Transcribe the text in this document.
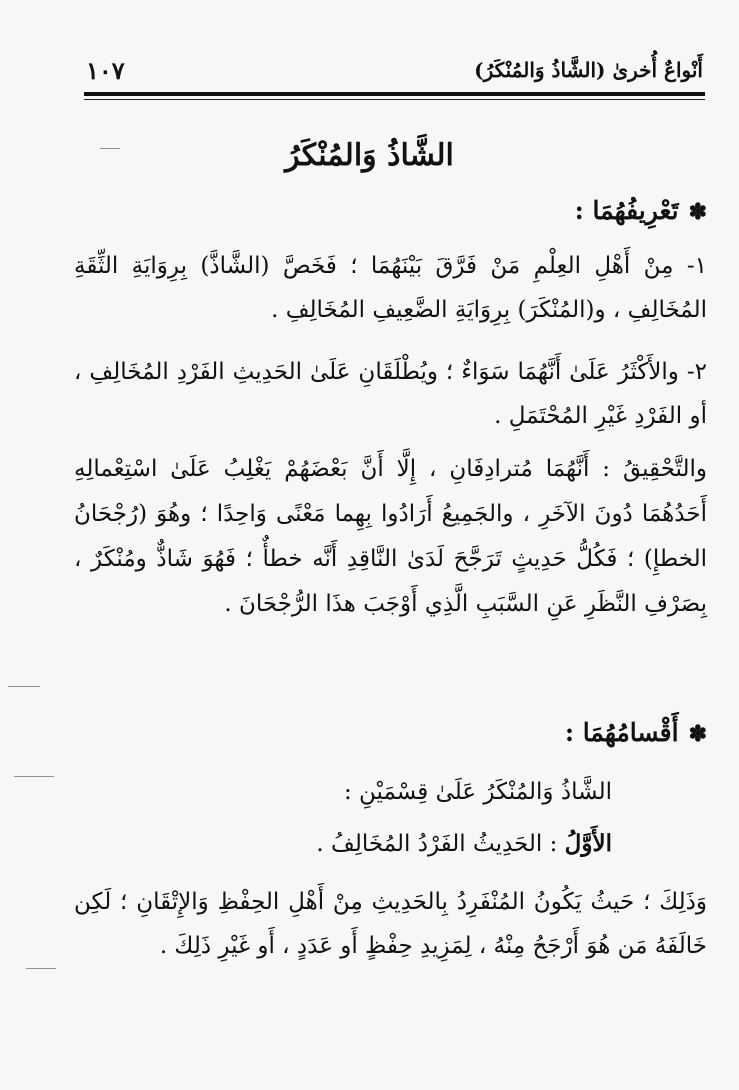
١٠٧	أَنْواعٌ أُخرىٰ (الشَّاذُ وَالمُنْكَرُ)
الشَّاذُ وَالمُنْكَرُ
✽تَعْرِيفُهُمَا :
١- مِنْ أَهْلِ العِلْمِ مَنْ فَرَّقَ بَيْنَهُمَا ؛ فَخَصَّ (الشَّاذَّ) بِرِوَايَةِ الثِّقَةِ المُخَالِفِ ، و(المُنْكَرَ) بِرِوَايَةِ الضَّعِيفِ المُخَالِفِ .
٢- والأَكْثَرُ عَلَىٰ أَنَّهُمَا سَوَاءٌ ؛ ويُطْلَقَانِ عَلَىٰ الحَدِيثِ الفَرْدِ المُخَالِفِ ، أو الفَرْدِ غَيْرِ المُحْتَمَلِ .
والتَّحْقِيقُ : أَنَّهُمَا مُترادِفَانِ ، إِلَّا أَنَّ بَعْضَهُمْ يَغْلِبُ عَلَىٰ اسْتِعْمالِهِ أَحَدُهُمَا دُونَ الآخَرِ ، والجَمِيعُ أَرَادُوا بِهِما مَعْنًى وَاحِدًا ؛ وهُوَ (رُجْحَانُ الخطإِ) ؛ فَكُلُّ حَدِيثٍ تَرَجَّحَ لَدَىٰ النَّاقِدِ أَنَّه خطأٌ ؛ فَهُوَ شَاذٌّ ومُنْكَرٌ ، بِصَرْفِ النَّظَرِ عَنِ السَّبَبِ الَّذِي أَوْجَبَ هذَا الرُّجْحَانَ .
✽أَقْسامُهُمَا :
الشَّاذُ وَالمُنْكَرُ عَلَىٰ قِسْمَيْنِ :
الأَوَّلُ : الحَدِيثُ الفَرْدُ المُخَالِفُ .
وَذَلِكَ ؛ حَيثُ يَكُونُ المُنْفَرِدُ بِالحَدِيثِ مِنْ أَهْلِ الحِفْظِ وَالإِتْقَانِ ؛ لَكِن خَالَفَهُ مَن هُوَ أَرْجَحُ مِنْهُ ، لِمَزِيدِ حِفْظٍ أَو عَدَدٍ ، أَو غَيْرِ ذَلِكَ .
